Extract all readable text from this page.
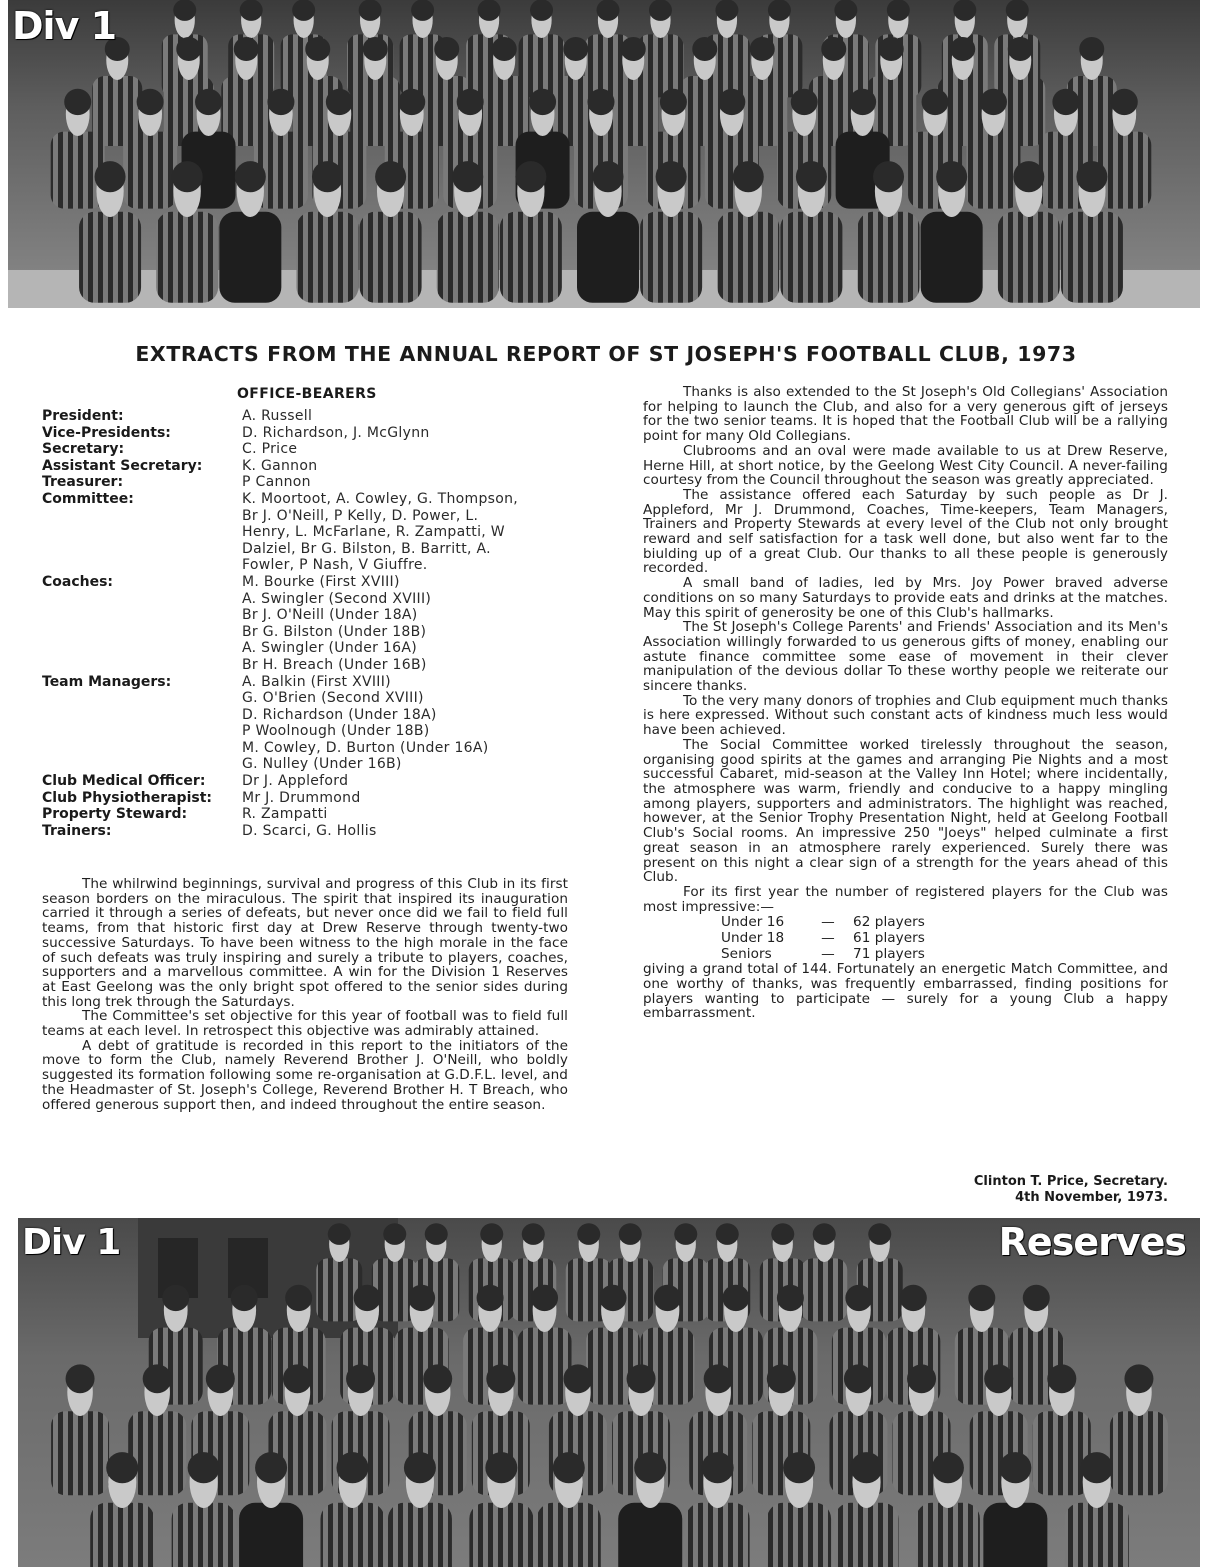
Div 1
EXTRACTS FROM THE ANNUAL REPORT OF ST JOSEPH'S FOOTBALL CLUB, 1973
OFFICE-BEARERS
President:	A. Russell
Vice-Presidents:	D. Richardson, J. McGlynn
Secretary:	C. Price
Assistant Secretary:	K. Gannon
Treasurer:	P Cannon
Committee:	K. Moortoot, A. Cowley, G. Thompson,
Br J. O'Neill, P Kelly, D. Power, L.
Henry, L. McFarlane, R. Zampatti, W
Dalziel, Br G. Bilston, B. Barritt, A.
Fowler, P Nash, V Giuffre.
Coaches:	M. Bourke (First XVIII)
A. Swingler (Second XVIII)
Br J. O'Neill (Under 18A)
Br G. Bilston (Under 18B)
A. Swingler (Under 16A)
Br H. Breach (Under 16B)
Team Managers:	A. Balkin (First XVIII)
G. O'Brien (Second XVIII)
D. Richardson (Under 18A)
P Woolnough (Under 18B)
M. Cowley, D. Burton (Under 16A)
G. Nulley (Under 16B)
Club Medical Officer:	Dr J. Appleford
Club Physiotherapist:	Mr J. Drummond
Property Steward:	R. Zampatti
Trainers:	D. Scarci, G. Hollis

The whilrwind beginnings, survival and progress of this Club in its first season borders on the miraculous. The spirit that inspired its inauguration carried it through a series of defeats, but never once did we fail to field full teams, from that historic first day at Drew Reserve through twenty-two successive Saturdays. To have been witness to the high morale in the face of such defeats was truly inspiring and surely a tribute to players, coaches, supporters and a marvellous committee. A win for the Division 1 Reserves at East Geelong was the only bright spot offered to the senior sides during this long trek through the Saturdays.

The Committee's set objective for this year of football was to field full teams at each level. In retrospect this objective was admirably attained.

A debt of gratitude is recorded in this report to the initiators of the move to form the Club, namely Reverend Brother J. O'Neill, who boldly suggested its formation following some re-organisation at G.D.F.L. level, and the Headmaster of St. Joseph's College, Reverend Brother H. T Breach, who offered generous support then, and indeed throughout the entire season.

Thanks is also extended to the St Joseph's Old Collegians' Association for helping to launch the Club, and also for a very generous gift of jerseys for the two senior teams. It is hoped that the Football Club will be a rallying point for many Old Collegians.

Clubrooms and an oval were made available to us at Drew Reserve, Herne Hill, at short notice, by the Geelong West City Council. A never-failing courtesy from the Council throughout the season was greatly appreciated.

The assistance offered each Saturday by such people as Dr J. Appleford, Mr J. Drummond, Coaches, Time-keepers, Team Managers, Trainers and Property Stewards at every level of the Club not only brought reward and self satisfaction for a task well done, but also went far to the biulding up of a great Club. Our thanks to all these people is generously recorded.

A small band of ladies, led by Mrs. Joy Power braved adverse conditions on so many Saturdays to provide eats and drinks at the matches. May this spirit of generosity be one of this Club's hallmarks.

The St Joseph's College Parents' and Friends' Association and its Men's Association willingly forwarded to us generous gifts of money, enabling our astute finance committee some ease of movement in their clever manipulation of the devious dollar To these worthy people we reiterate our sincere thanks.

To the very many donors of trophies and Club equipment much thanks is here expressed. Without such constant acts of kindness much less would have been achieved.

The Social Committee worked tirelessly throughout the season, organising good spirits at the games and arranging Pie Nights and a most successful Cabaret, mid-season at the Valley Inn Hotel; where incidentally, the atmosphere was warm, friendly and conducive to a happy mingling among players, supporters and administrators. The highlight was reached, however, at the Senior Trophy Presentation Night, held at Geelong Football Club's Social rooms. An impressive 250 "Joeys" helped culminate a first great season in an atmosphere rarely experienced. Surely there was present on this night a clear sign of a strength for the years ahead of this Club.

For its first year the number of registered players for the Club was most impressive:—

Under 16	—	62 players
Under 18	—	61 players
Seniors	—	71 players

giving a grand total of 144. Fortunately an energetic Match Committee, and one worthy of thanks, was frequently embarrassed, finding positions for players wanting to participate — surely for a young Club a happy embarrassment.

Clinton T. Price, Secretary.
4th November, 1973.
Div 1	Reserves
